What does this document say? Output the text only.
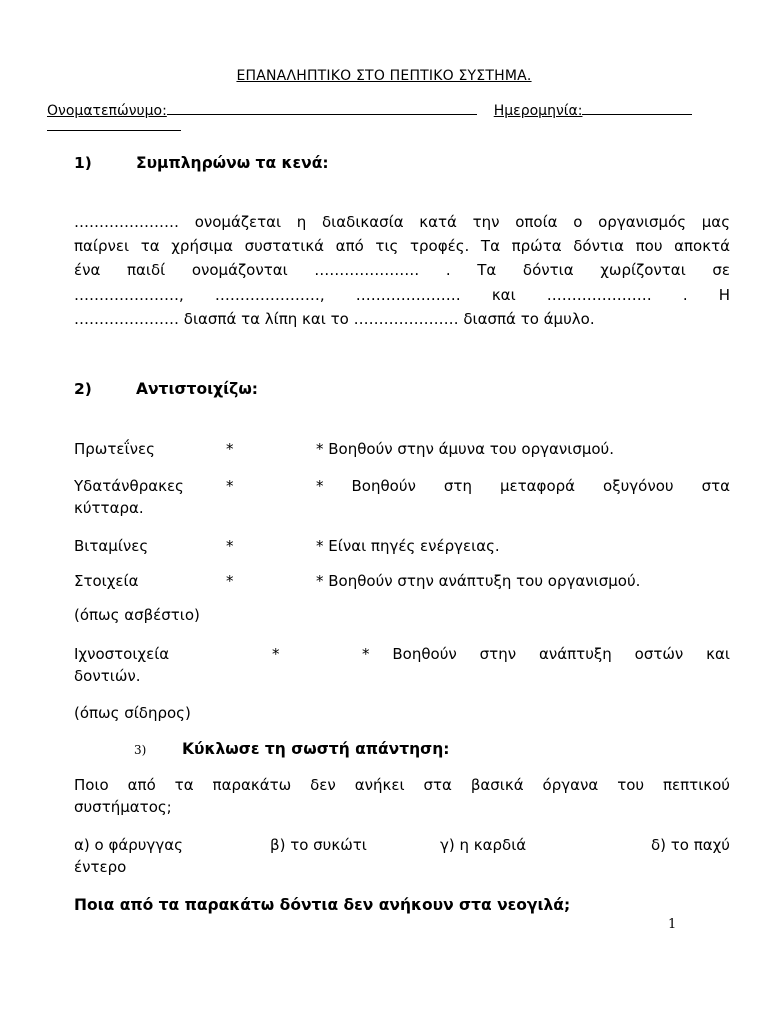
ΕΠΑΝΑΛΗΠΤΙΚΟ ΣΤΟ ΠΕΠΤΙΚΟ ΣΥΣΤΗΜΑ.
Ονοματεπώνυμο:	Ημερομηνία:
1)	Συμπληρώνω τα κενά:
………………… ονομάζεται η διαδικασία κατά την οποία ο οργανισμός μας
παίρνει τα χρήσιμα συστατικά από τις τροφές. Τα πρώτα δόντια που αποκτά
ένα παιδί ονομάζονται ………………… . Τα δόντια χωρίζονται σε
…………………, …………………, ………………… και ………………… . Η
………………… διασπά τα λίπη και το ………………… διασπά το άμυλο.
2)	Αντιστοιχίζω:
Πρωτεΐνες	*	* Βοηθούν στην άμυνα του οργανισμού.
Υδατάνθρακες	*	* Βοηθούν στη μεταφορά οξυγόνου στα
κύτταρα.
Βιταμίνες	*	* Είναι πηγές ενέργειας.
Στοιχεία	*	* Βοηθούν στην ανάπτυξη του οργανισμού.
(όπως ασβέστιο)
Ιχνοστοιχεία	*	* Βοηθούν στην ανάπτυξη οστών και
δοντιών.
(όπως σίδηρος)
3) Κύκλωσε τη σωστή απάντηση:
Ποιο από τα παρακάτω δεν ανήκει στα βασικά όργανα του πεπτικού
συστήματος;
α) ο φάρυγγας	β) το συκώτι	γ) η καρδιά	δ) το παχύ
έντερο
Ποια από τα παρακάτω δόντια δεν ανήκουν στα νεογιλά;
1
